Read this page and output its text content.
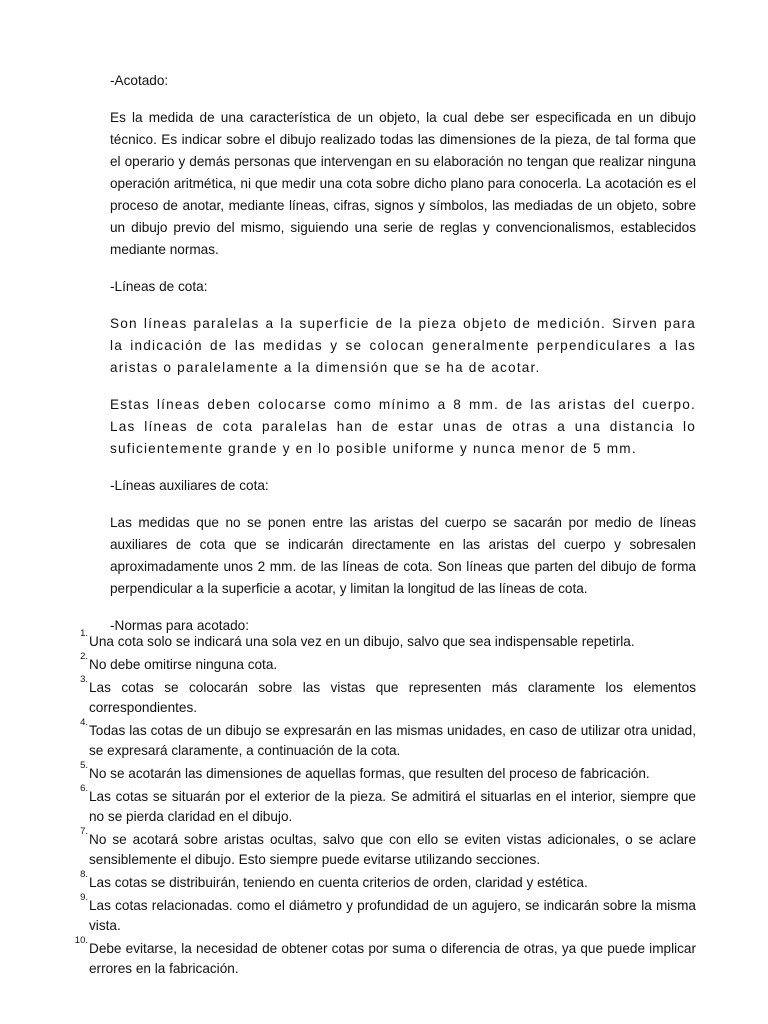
-Acotado:

Es la medida de una característica de un objeto, la cual debe ser especificada en un dibujo técnico. Es indicar sobre el dibujo realizado todas las dimensiones de la pieza, de tal forma que el operario y demás personas que intervengan en su elaboración no tengan que realizar ninguna operación aritmética, ni que medir una cota sobre dicho plano para conocerla. La acotación es el proceso de anotar, mediante líneas, cifras, signos y símbolos, las mediadas de un objeto, sobre un dibujo previo del mismo, siguiendo una serie de reglas y convencionalismos, establecidos mediante normas.

-Líneas de cota:

Son líneas paralelas a la superficie de la pieza objeto de medición. Sirven para la indicación de las medidas y se colocan generalmente perpendiculares a las aristas o paralelamente a la dimensión que se ha de acotar.

Estas líneas deben colocarse como mínimo a 8 mm. de las aristas del cuerpo. Las líneas de cota paralelas han de estar unas de otras a una distancia lo suficientemente grande y en lo posible uniforme y nunca menor de 5 mm.

-Líneas auxiliares de cota:

Las medidas que no se ponen entre las aristas del cuerpo se sacarán por medio de líneas auxiliares de cota que se indicarán directamente en las aristas del cuerpo y sobresalen aproximadamente unos 2 mm. de las líneas de cota. Son líneas que parten del dibujo de forma perpendicular a la superficie a acotar, y limitan la longitud de las líneas de cota.

-Normas para acotado:

1.
Una cota solo se indicará una sola vez en un dibujo, salvo que sea indispensable repetirla.
2.
No debe omitirse ninguna cota.
3.
Las cotas se colocarán sobre las vistas que representen más claramente los elementos correspondientes.
4.
Todas las cotas de un dibujo se expresarán en las mismas unidades, en caso de utilizar otra unidad, se expresará claramente, a continuación de la cota.
5.
No se acotarán las dimensiones de aquellas formas, que resulten del proceso de fabricación.
6.
Las cotas se situarán por el exterior de la pieza. Se admitirá el situarlas en el interior, siempre que no se pierda claridad en el dibujo.
7.
No se acotará sobre aristas ocultas, salvo que con ello se eviten vistas adicionales, o se aclare sensiblemente el dibujo. Esto siempre puede evitarse utilizando secciones.
8.
Las cotas se distribuirán, teniendo en cuenta criterios de orden, claridad y estética.
9.
Las cotas relacionadas. como el diámetro y profundidad de un agujero, se indicarán sobre la misma vista.
10.
Debe evitarse, la necesidad de obtener cotas por suma o diferencia de otras, ya que puede implicar errores en la fabricación.
